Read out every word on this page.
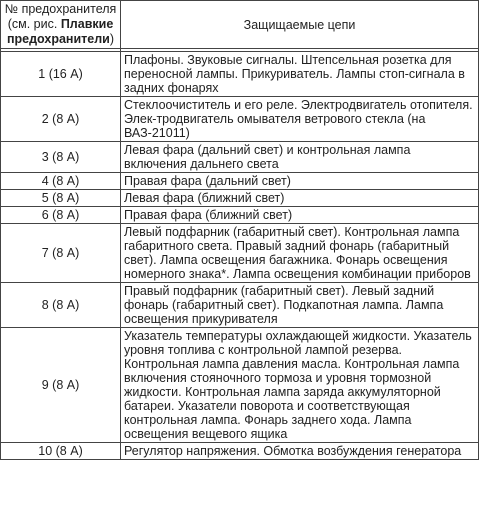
№ предохранителя
(см. рис. Плавкие
предохранители)	Защищаемые цепи

1 (16 А)	Плафоны. Звуковые сигналы. Штепсельная розетка для переносной лампы. Прикуриватель. Лампы стоп-сигнала в задних фонарях
2 (8 А)	Стеклоочиститель и его реле. Электродвигатель отопителя. Элек-тродвигатель омывателя ветрового стекла (на ВАЗ-21011)
3 (8 А)	Левая фара (дальний свет) и контрольная лампа включения дальнего света
4 (8 А)	Правая фара (дальний свет)
5 (8 А)	Левая фара (ближний свет)
6 (8 А)	Правая фара (ближний свет)
7 (8 А)	Левый подфарник (габаритный свет). Контрольная лампа габаритного света. Правый задний фонарь (габаритный свет). Лампа освещения багажника. Фонарь освещения номерного знака*. Лампа освещения комбинации приборов
8 (8 А)	Правый подфарник (габаритный свет). Левый задний фонарь (габаритный свет). Подкапотная лампа. Лампа освещения прикуривателя
9 (8 А)	Указатель температуры охлаждающей жидкости. Указатель уровня топлива с контрольной лампой резерва. Контрольная лампа давления масла. Контрольная лампа включения стояночного тормоза и уровня тормозной жидкости. Контрольная лампа заряда аккумуляторной батареи. Указатели поворота и соответствующая контрольная лампа. Фонарь заднего хода. Лампа освещения вещевого ящика
10 (8 А)	Регулятор напряжения. Обмотка возбуждения генератора
